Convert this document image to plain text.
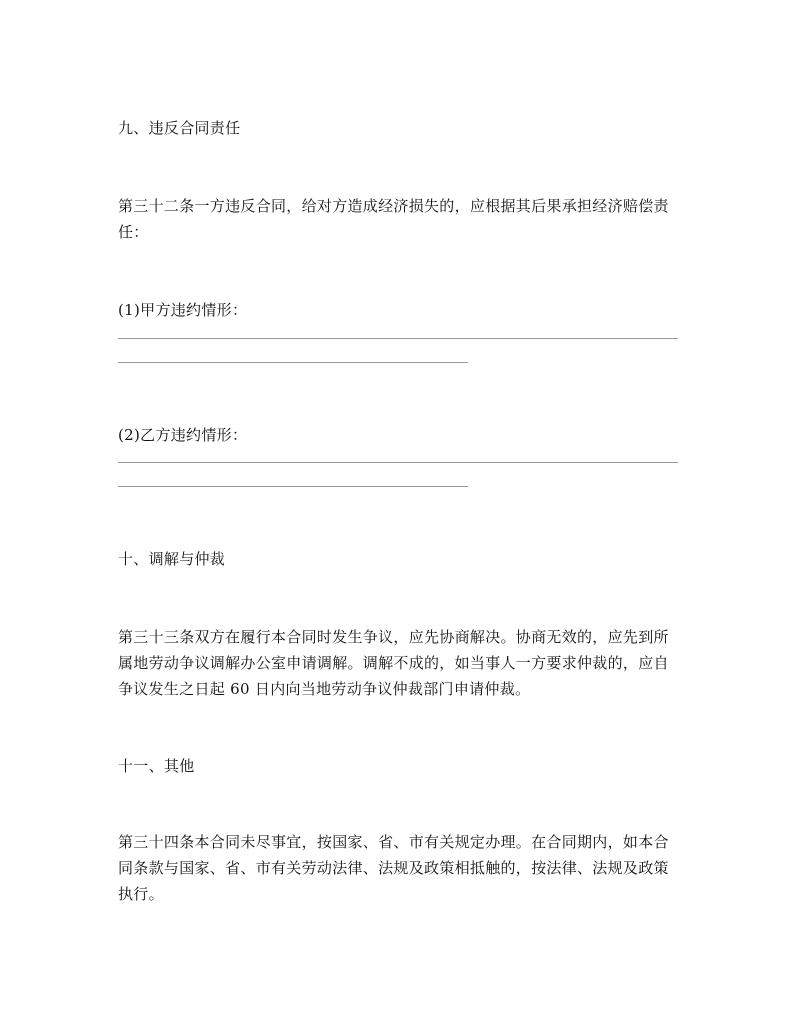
九、违反合同责任
第三十二条一方违反合同，给对方造成经济损失的，应根据其后果承担经济赔偿责
任：
(1)甲方违约情形：
(2)乙方违约情形：
十、调解与仲裁
第三十三条双方在履行本合同时发生争议，应先协商解决。协商无效的，应先到所
属地劳动争议调解办公室申请调解。调解不成的，如当事人一方要求仲裁的，应自
争议发生之日起 60 日内向当地劳动争议仲裁部门申请仲裁。
十一、其他
第三十四条本合同未尽事宜，按国家、省、市有关规定办理。在合同期内，如本合
同条款与国家、省、市有关劳动法律、法规及政策相抵触的，按法律、法规及政策
执行。
